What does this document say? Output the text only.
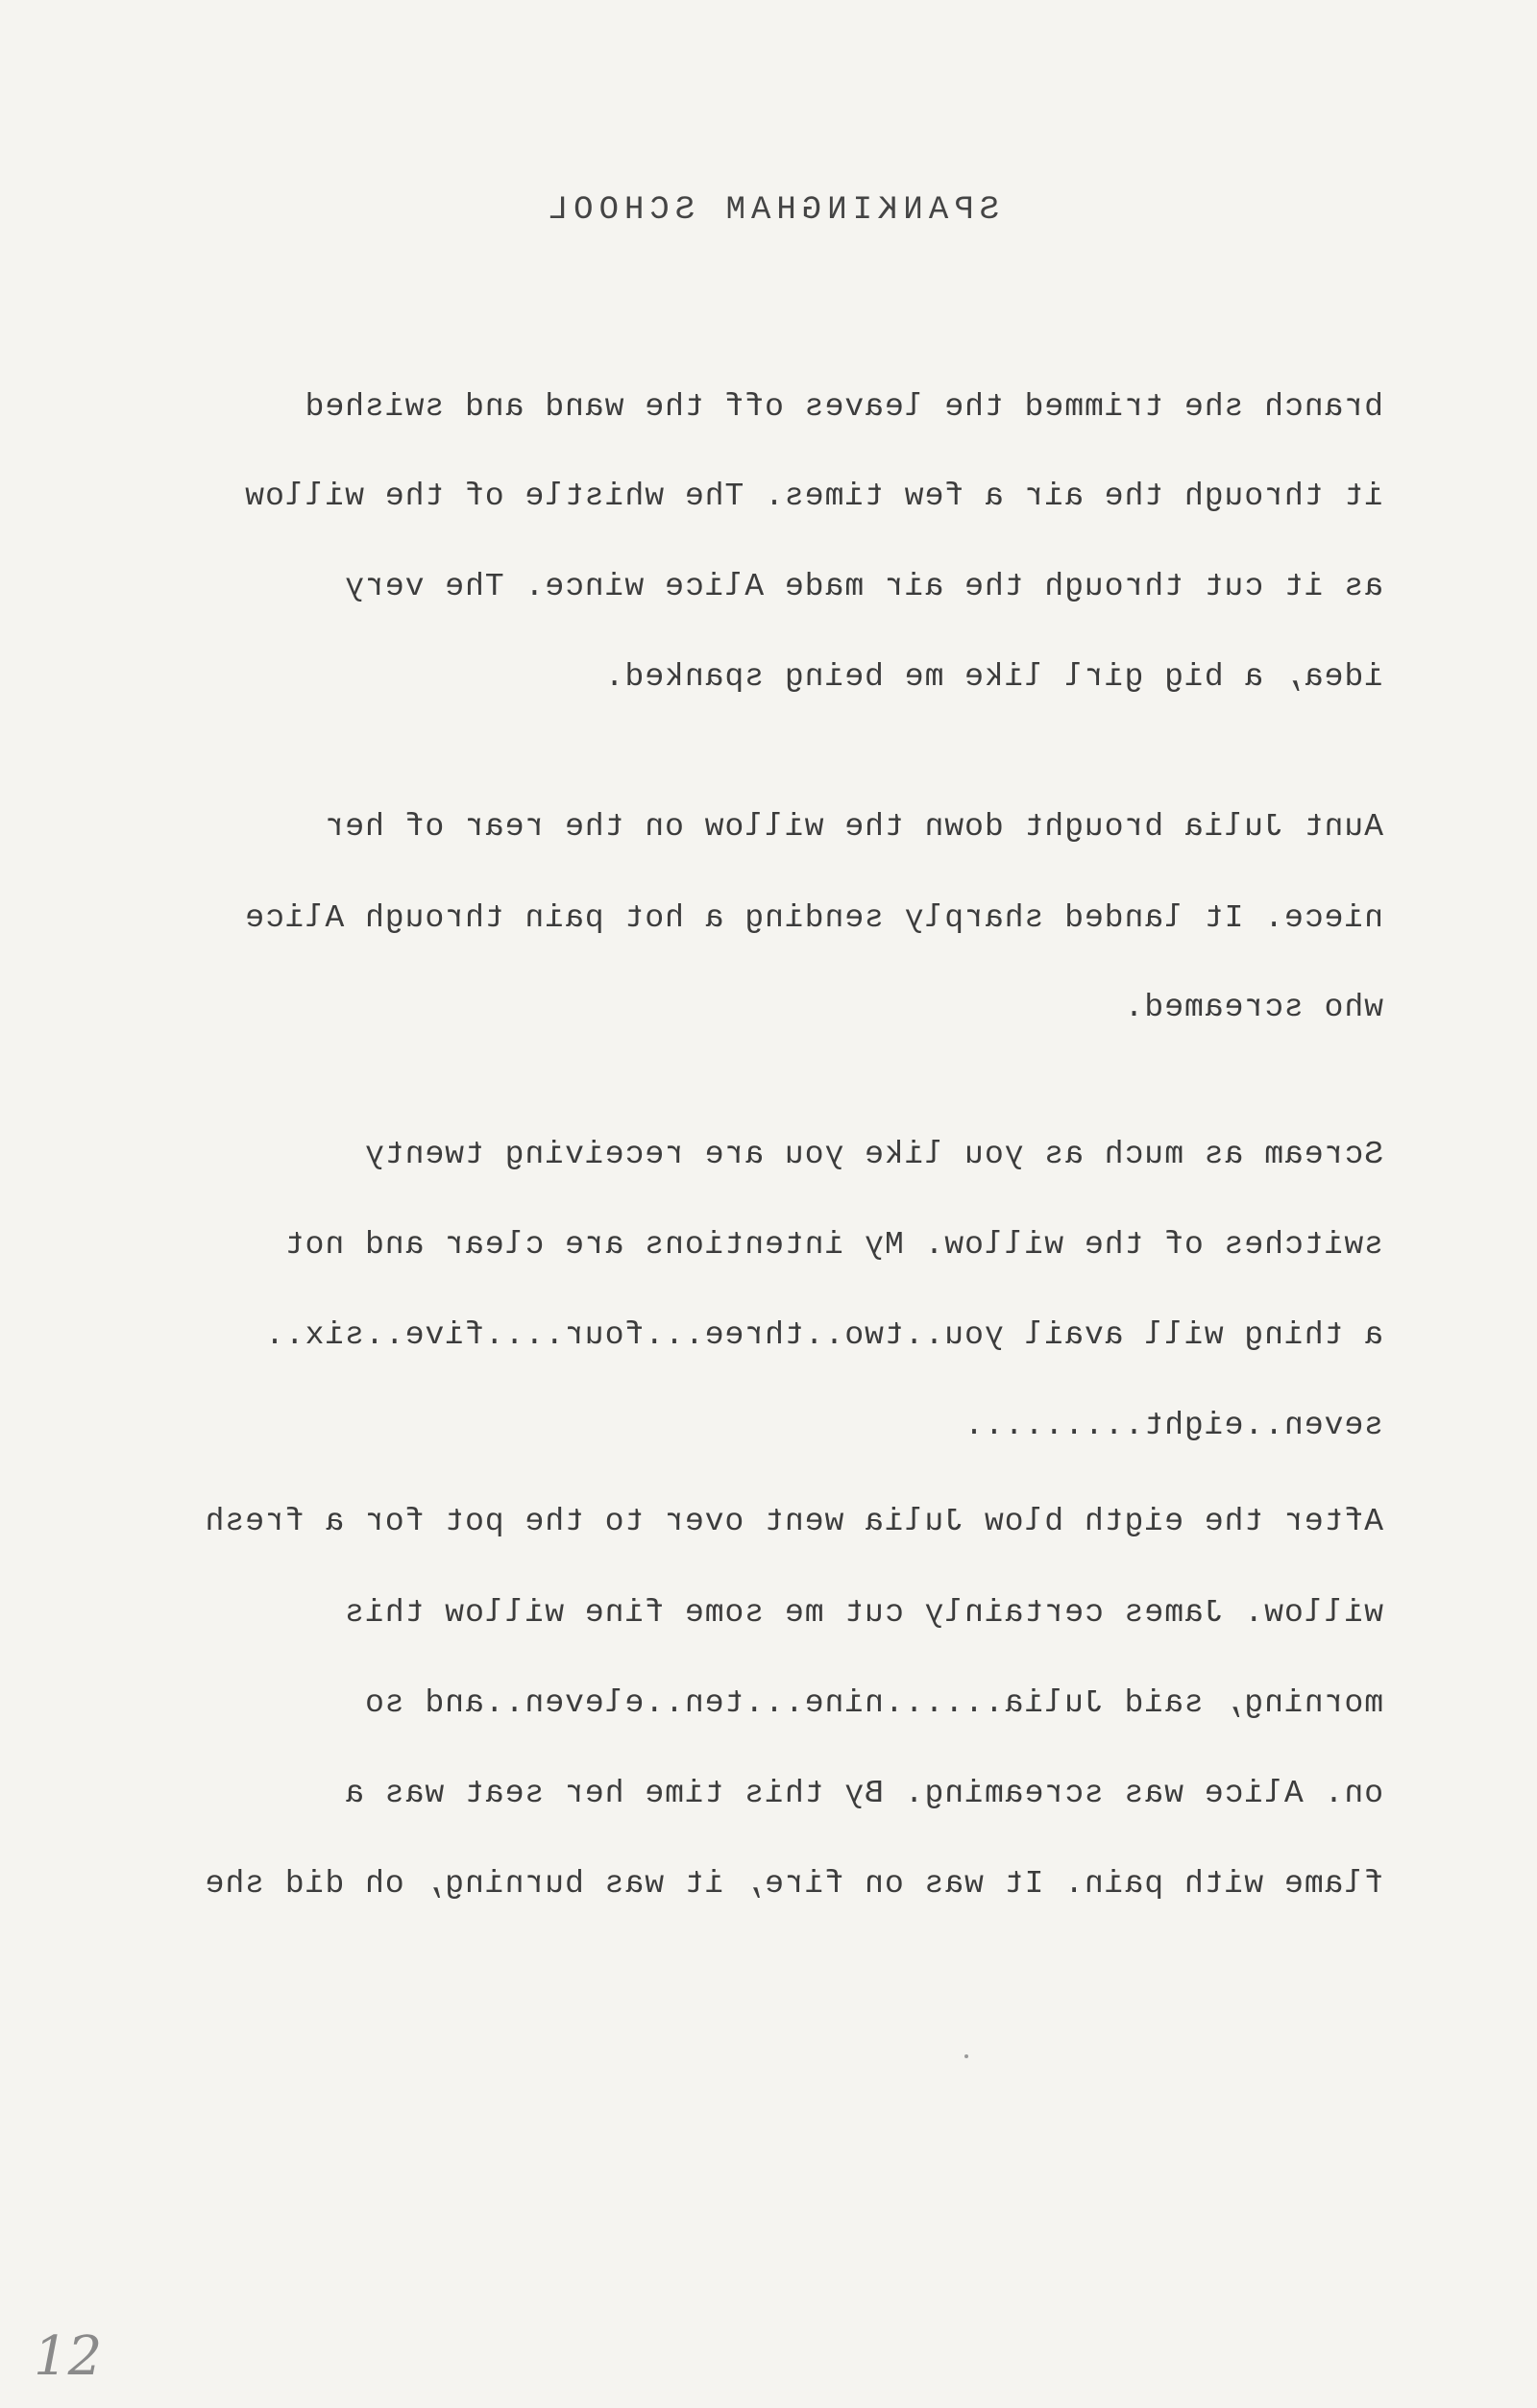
SPANKINGHAM SCHOOL
branch she trimmed the leaves off the wand and swished
it through the air a few times. The whistle of the willow
as it cut through the air made Alice wince. The very
idea, a big girl like me being spanked.
Aunt Julia brought down the willow on the rear of her
niece. It landed sharply sending a hot pain through Alice
who screamed.
Scream as much as you like you are receiving twenty
switches of the willow. My intentions are clear and not
a thing will avail you..two..three...four....five..six..
seven..eight.........
After the eigth blow Julia went over to the pot for a fresh
willow. James certainly cut me some fine willow this
morning, said Julia......nine...ten..eleven..and so
on. Alice was screaming. By this time her seat was a
flame with pain. It was on fire, it was burning, oh did she
12
